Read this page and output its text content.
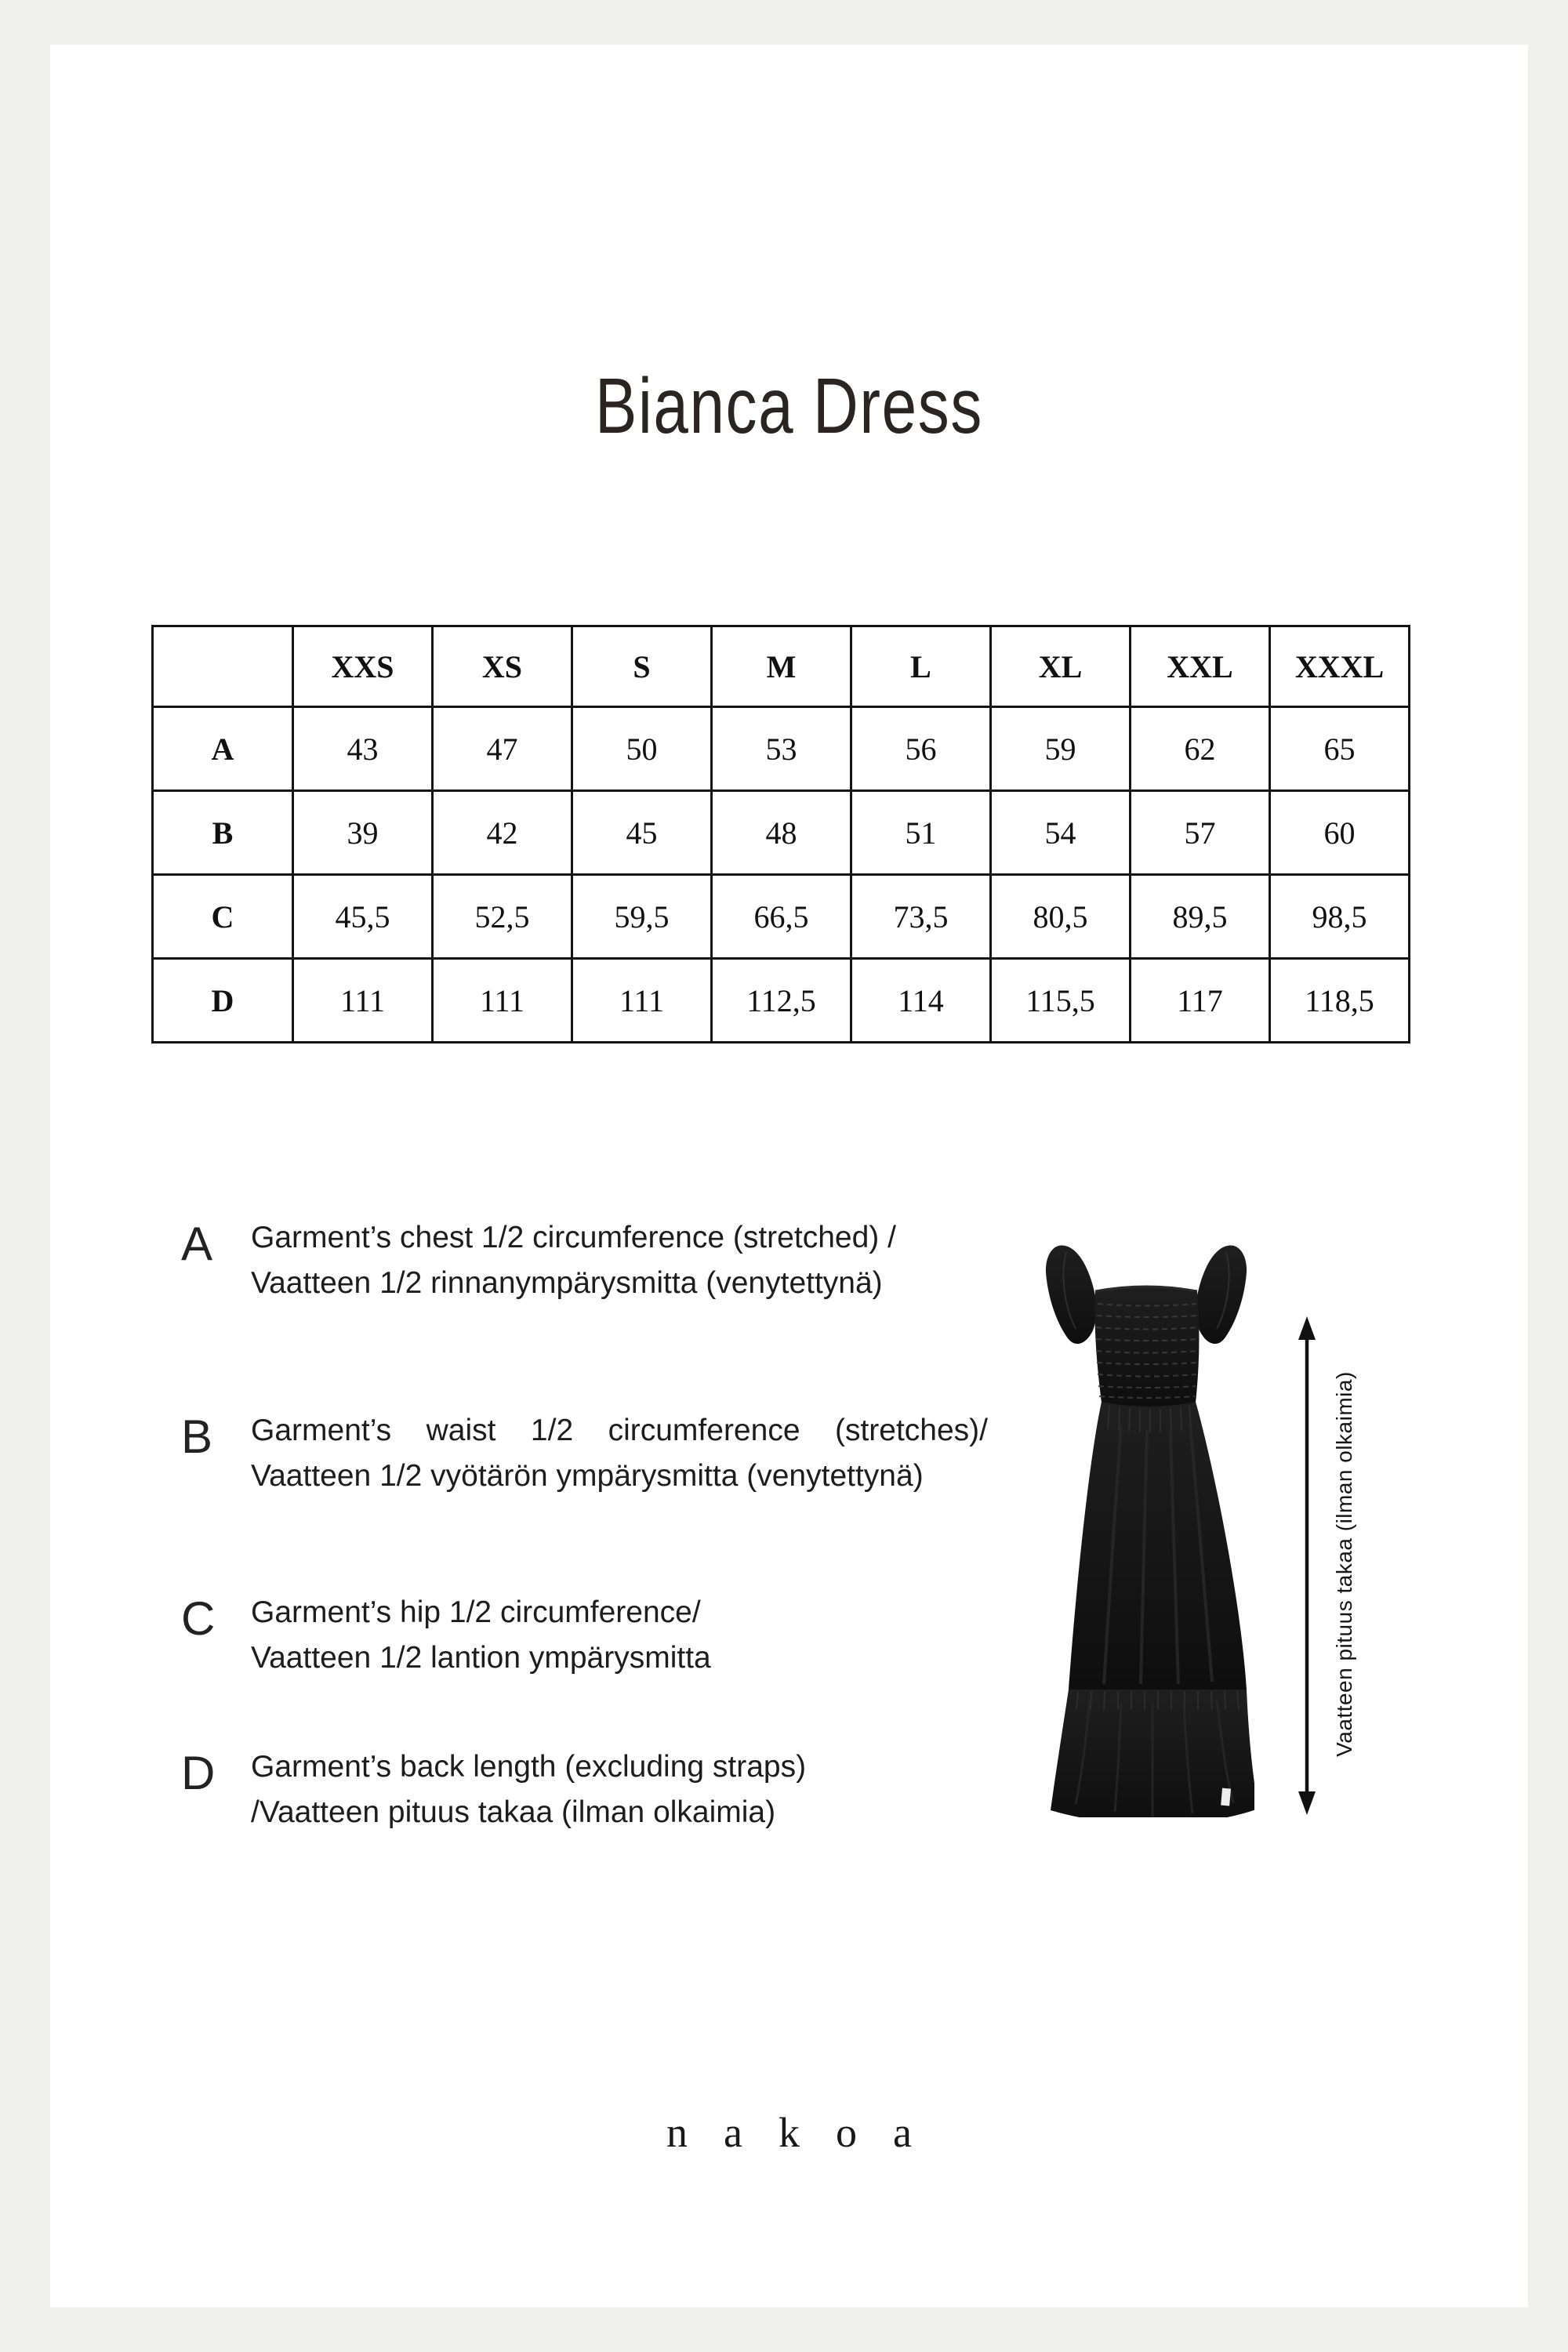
Bianca Dress
	XXS	XS	S	M	L	XL	XXL	XXXL
A	43	47	50	53	56	59	62	65
B	39	42	45	48	51	54	57	60
C	45,5	52,5	59,5	66,5	73,5	80,5	89,5	98,5
D	111	111	111	112,5	114	115,5	117	118,5
A	Garment’s chest 1/2 circumference (stretched) /
Vaatteen 1/2 rinnanympärysmitta (venytettynä)
B	Garment’s waist 1/2 circumference (stretches)/
Vaatteen 1/2 vyötärön ympärysmitta (venytettynä)
C	Garment’s hip 1/2 circumference/
Vaatteen 1/2 lantion ympärysmitta
D	Garment’s back length (excluding straps)
/Vaatteen pituus takaa (ilman olkaimia)
Vaatteen pituus takaa (ilman olkaimia)
nakoa
